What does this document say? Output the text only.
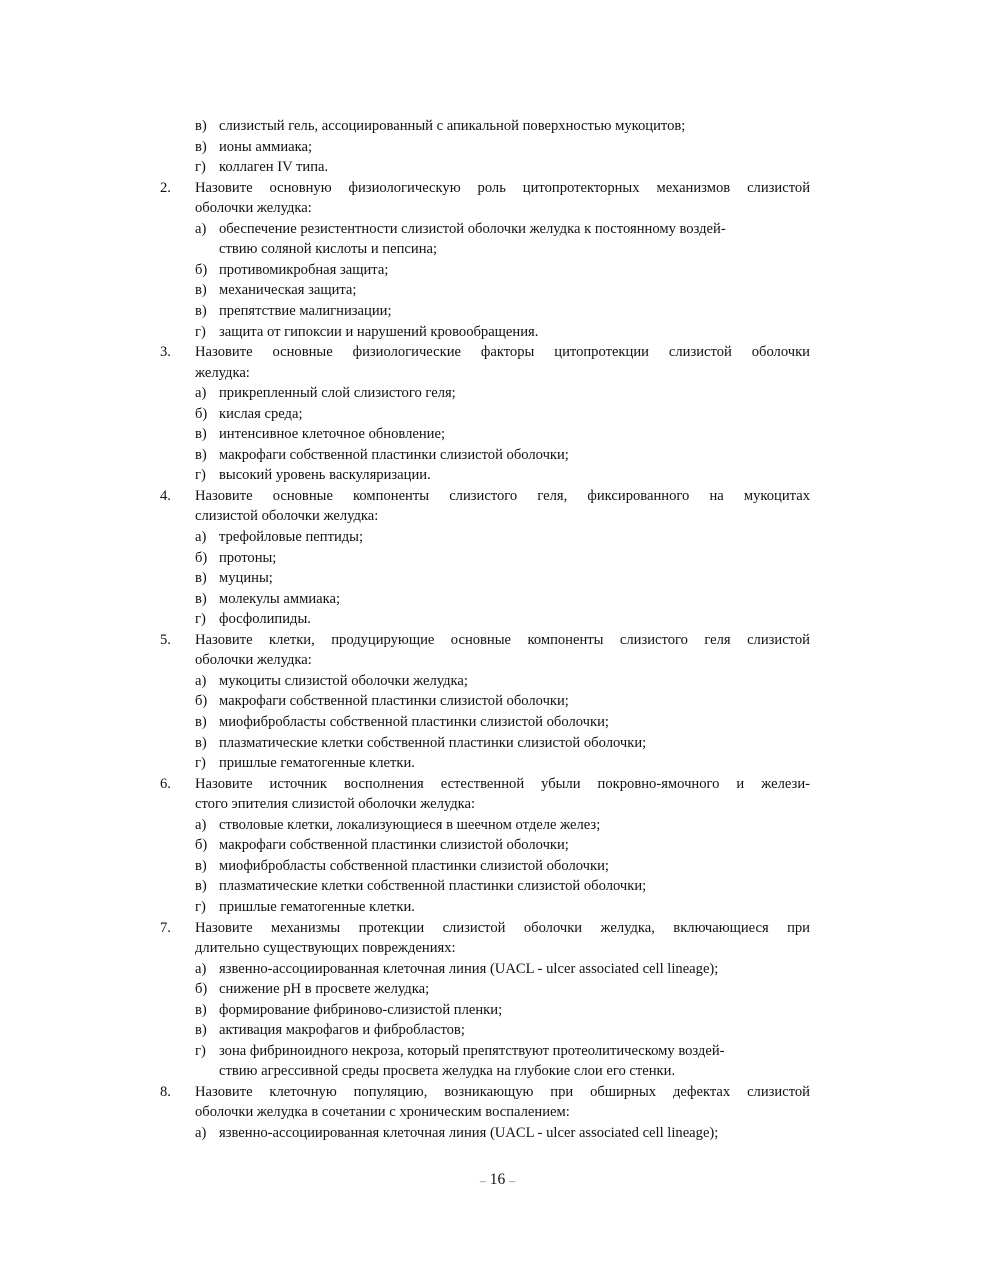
в) слизистый гель, ассоциированный с апикальной поверхностью мукоцитов;
в) ионы аммиака;
г) коллаген IV типа.
2. Назовите основную физиологическую роль цитопротекторных механизмов слизистой
оболочки желудка:
а) обеспечение резистентности слизистой оболочки желудка к постоянному воздей-
ствию соляной кислоты и пепсина;
б) противомикробная защита;
в) механическая защита;
в) препятствие малигнизации;
г) защита от гипоксии и нарушений кровообращения.
3. Назовите основные физиологические факторы цитопротекции слизистой оболочки
желудка:
а) прикрепленный слой слизистого геля;
б) кислая среда;
в) интенсивное клеточное обновление;
в) макрофаги собственной пластинки слизистой оболочки;
г) высокий уровень васкуляризации.
4. Назовите основные компоненты слизистого геля, фиксированного на мукоцитах
слизистой оболочки желудка:
а) трефойловые пептиды;
б) протоны;
в) муцины;
в) молекулы аммиака;
г) фосфолипиды.
5. Назовите клетки, продуцирующие основные компоненты слизистого геля слизистой
оболочки желудка:
а) мукоциты слизистой оболочки желудка;
б) макрофаги собственной пластинки слизистой оболочки;
в) миофибробласты собственной пластинки слизистой оболочки;
в) плазматические клетки собственной пластинки слизистой оболочки;
г) пришлые гематогенные клетки.
6. Назовите источник восполнения естественной убыли покровно-ямочного и желези-
стого эпителия слизистой оболочки желудка:
а) стволовые клетки, локализующиеся в шеечном отделе желез;
б) макрофаги собственной пластинки слизистой оболочки;
в) миофибробласты собственной пластинки слизистой оболочки;
в) плазматические клетки собственной пластинки слизистой оболочки;
г) пришлые гематогенные клетки.
7. Назовите механизмы протекции слизистой оболочки желудка, включающиеся при
длительно существующих повреждениях:
а) язвенно-ассоциированная клеточная линия (UACL - ulcer associated cell lineage);
б) снижение pH в просвете желудка;
в) формирование фибриново-слизистой пленки;
в) активация макрофагов и фибробластов;
г) зона фибриноидного некроза, который препятствуют протеолитическому воздей-
ствию агрессивной среды просвета желудка на глубокие слои его стенки.
8. Назовите клеточную популяцию, возникающую при обширных дефектах слизистой
оболочки желудка в сочетании с хроническим воспалением:
а) язвенно-ассоциированная клеточная линия (UACL - ulcer associated cell lineage);
– 16 –
